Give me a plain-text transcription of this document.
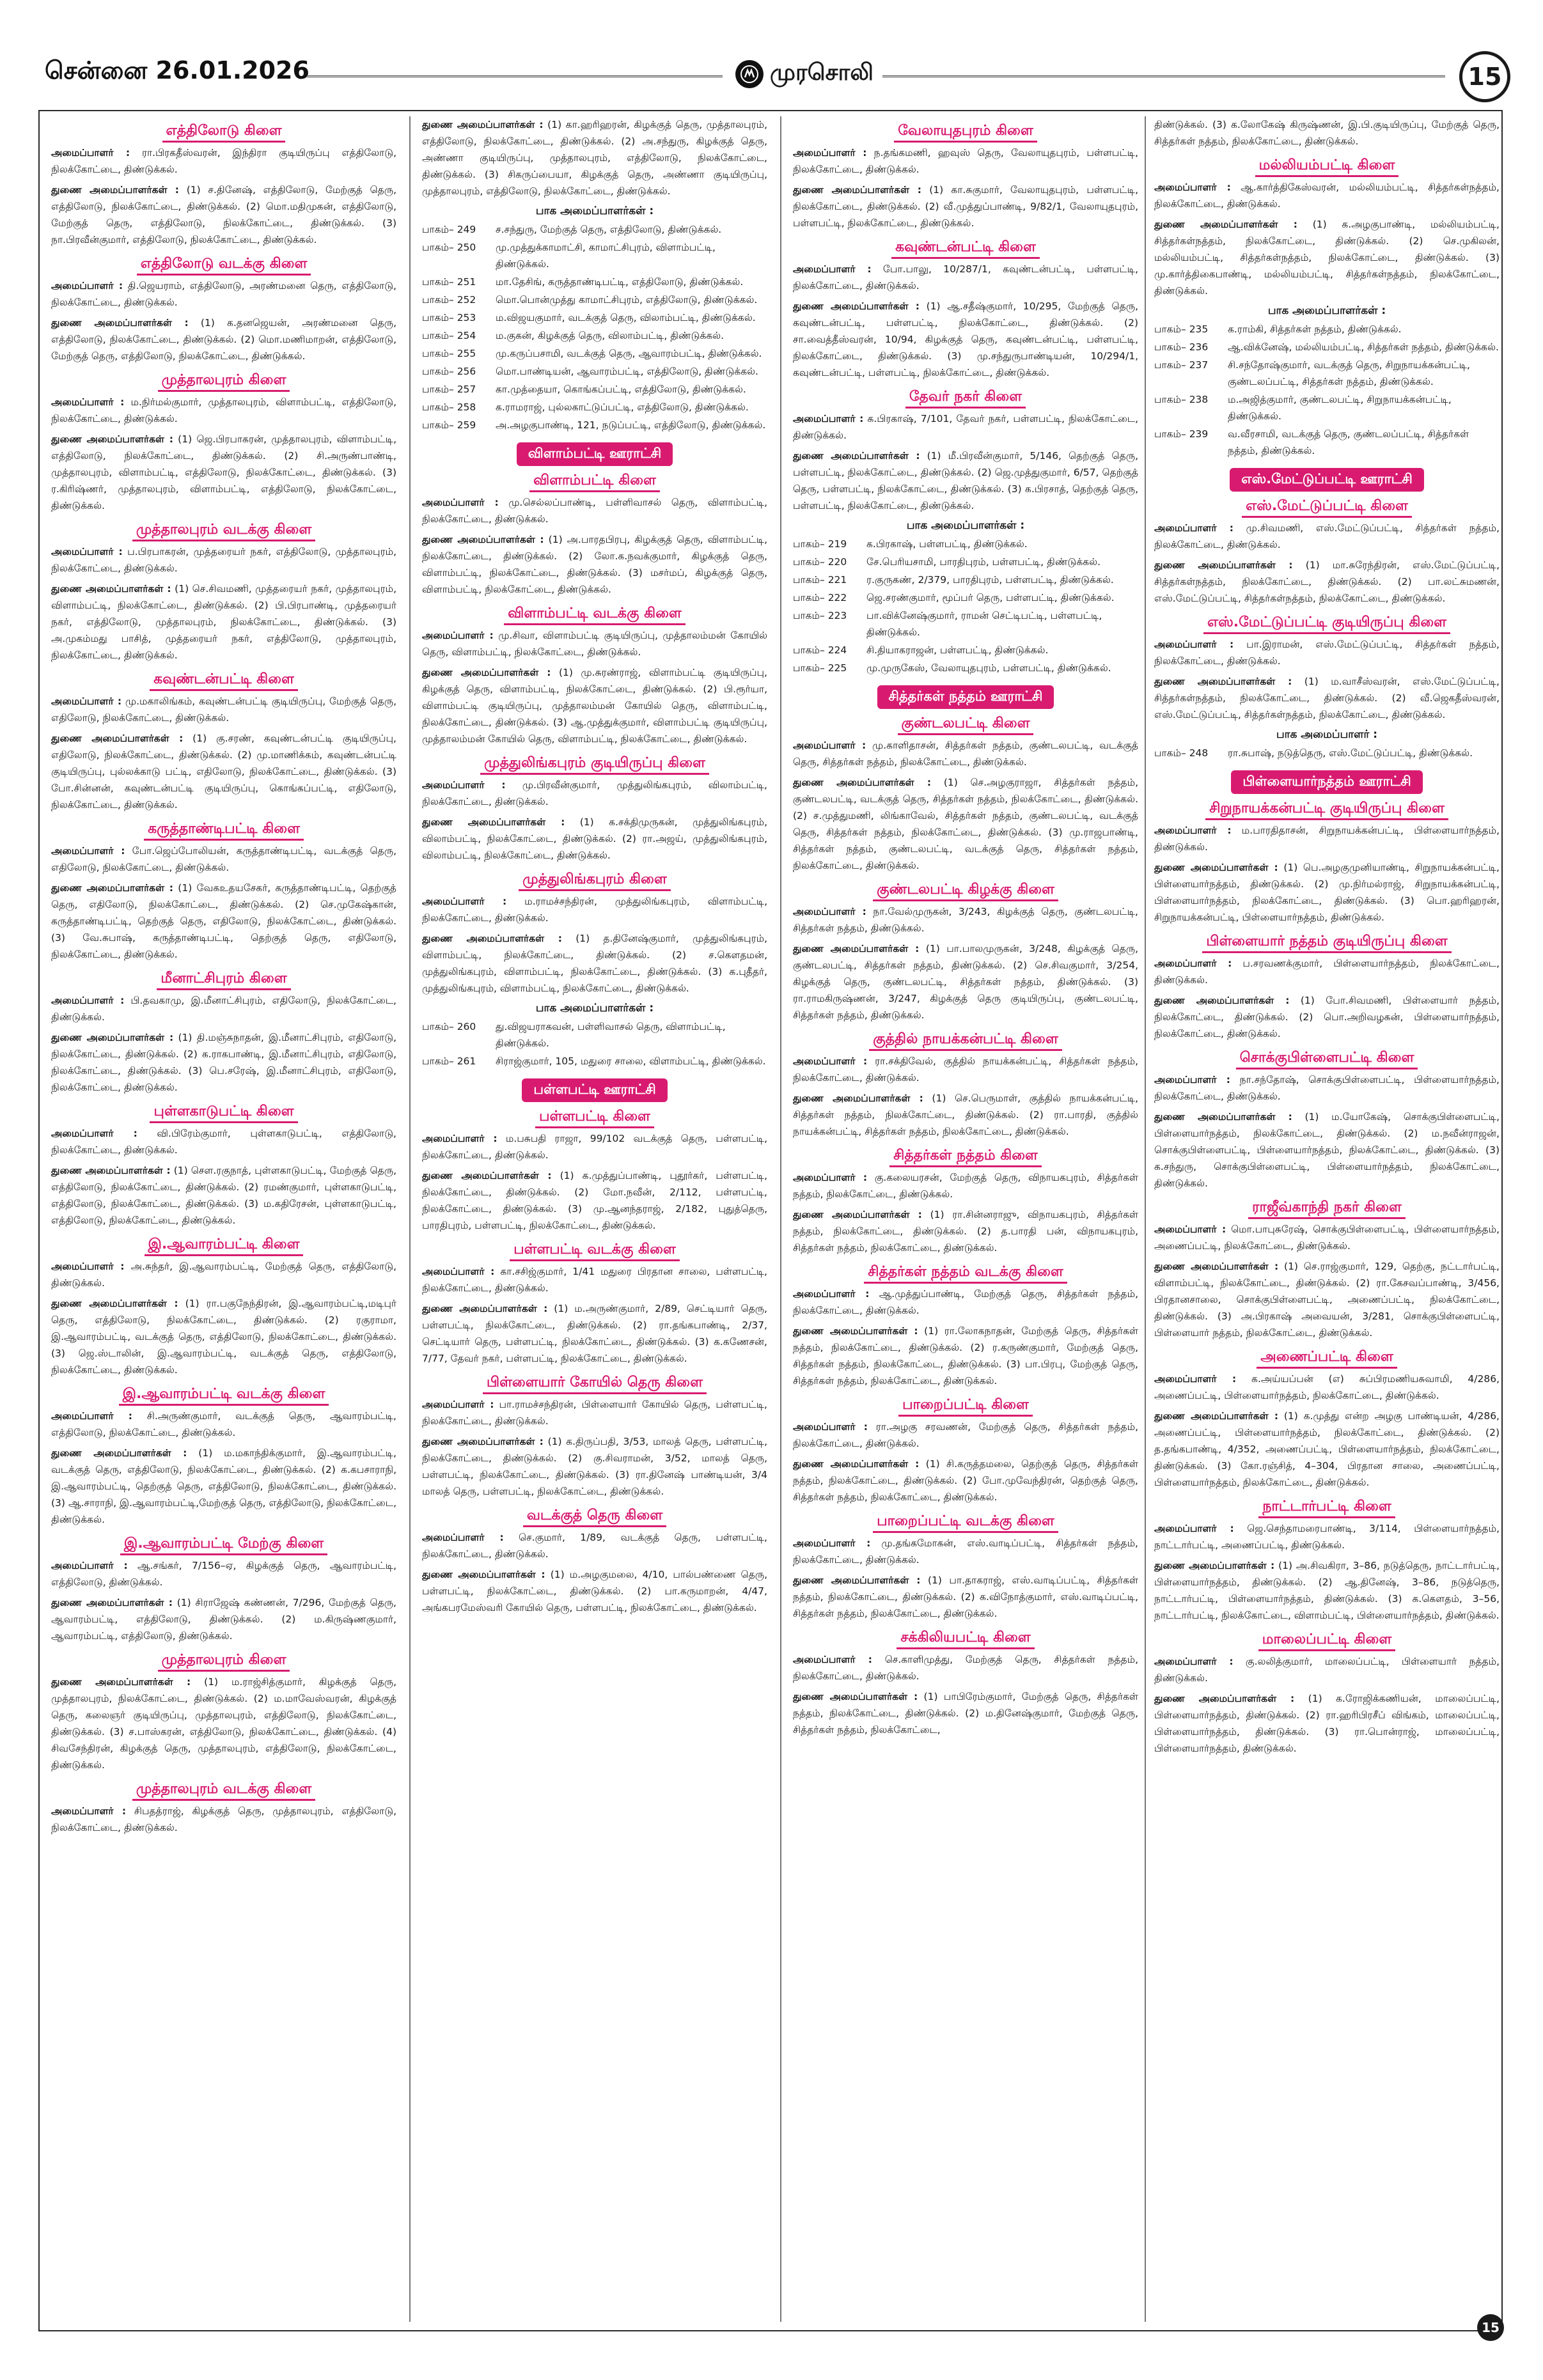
சென்னை 26.01.2026	முரசொலி	15
எத்திலோடு கிளை

அமைப்பாளர் : ரா.பிரகதீஸ்வரன், இந்திரா குடியிருப்பு எத்திலோடு, நிலக்கோட்டை, திண்டுக்கல்.

துணை அமைப்பாளர்கள் : (1) ச.தினேஷ், எத்திலோடு, மேற்குத் தெரு, எத்திலோடு, நிலக்கோட்டை, திண்டுக்கல். (2) மொ.மதிமுகன், எத்திலோடு, மேற்குத் தெரு, எத்திலோடு, நிலக்கோட்டை, திண்டுக்கல். (3) நா.பிரவீன்குமார், எத்திலோடு, நிலக்கோட்டை, திண்டுக்கல்.

எத்திலோடு வடக்கு கிளை

அமைப்பாளர் : தி.ஜெயராம், எத்திலோடு, அரண்மனை தெரு, எத்திலோடு, நிலக்கோட்டை, திண்டுக்கல்.

துணை அமைப்பாளர்கள் : (1) க.தனஜெயன், அரண்மனை தெரு, எத்திலோடு, நிலக்கோட்டை, திண்டுக்கல். (2) மொ.மணிமாறன், எத்திலோடு, மேற்குத் தெரு, எத்திலோடு, நிலக்கோட்டை, திண்டுக்கல்.

முத்தாலபுரம் கிளை

அமைப்பாளர் : ம.நிர்மல்குமார், முத்தாலபுரம், விளாம்பட்டி, எத்திலோடு, நிலக்கோட்டை, திண்டுக்கல்.

துணை அமைப்பாளர்கள் : (1) ஜெ.பிரபாகரன், முத்தாலபுரம், விளாம்பட்டி, எத்திலோடு, நிலக்கோட்டை, திண்டுக்கல். (2) சி.அருண்பாண்டி, முத்தாலபுரம், விளாம்பட்டி, எத்திலோடு, நிலக்கோட்டை, திண்டுக்கல். (3) ர.கிரிஷ்ணர், முத்தாலபுரம், விளாம்பட்டி, எத்திலோடு, நிலக்கோட்டை, திண்டுக்கல்.

முத்தாலபுரம் வடக்கு கிளை

அமைப்பாளர் : ப.பிரபாகரன், முத்தரையர் நகர், எத்திலோடு, முத்தாலபுரம், நிலக்கோட்டை, திண்டுக்கல்.

துணை அமைப்பாளர்கள் : (1) செ.சிவமணி, முத்தரையர் நகர், முத்தாலபுரம், விளாம்பட்டி, நிலக்கோட்டை, திண்டுக்கல். (2) பி.பிரபாண்டி, முத்தரையர் நகர், எத்திலோடு, முத்தாலபுரம், நிலக்கோட்டை, திண்டுக்கல். (3) அ.முகம்மது பாசித், முத்தரையர் நகர், எத்திலோடு, முத்தாலபுரம், நிலக்கோட்டை, திண்டுக்கல்.

கவுண்டன்பட்டி கிளை

அமைப்பாளர் : மு.மகாலிங்கம், கவுண்டன்பட்டி குடியிருப்பு, மேற்குத் தெரு, எதிலோடு, நிலக்கோட்டை, திண்டுக்கல்.

துணை அமைப்பாளர்கள் : (1) கு.சரண், கவுண்டன்பட்டி குடியிருப்பு, எதிலோடு, நிலக்கோட்டை, திண்டுக்கல். (2) மு.மாணிக்கம், கவுண்டன்பட்டி குடியிருப்பு, புல்லக்காடு பட்டி, எதிலோடு, நிலக்கோட்டை, திண்டுக்கல். (3) போ.சின்னன், கவுண்டன்பட்டி குடியிருப்பு, கொங்கப்பட்டி, எதிலோடு, நிலக்கோட்டை, திண்டுக்கல்.

கருத்தாண்டிபட்டி கிளை

அமைப்பாளர் : போ.ஜெப்போலியன், கருத்தாண்டிபட்டி, வடக்குத் தெரு, எதிலோடு, நிலக்கோட்டை, திண்டுக்கல்.

துணை அமைப்பாளர்கள் : (1) வேகஉதயசேகர், கருத்தாண்டிபட்டி, தெற்குத் தெரு, எதிலோடு, நிலக்கோட்டை, திண்டுக்கல். (2) செ.முகேஷ்கான், கருத்தாண்டிபட்டி, தெற்குத் தெரு, எதிலோடு, நிலக்கோட்டை, திண்டுக்கல். (3) வே.சுபாஷ், கருத்தாண்டிபட்டி, தெற்குத் தெரு, எதிலோடு, நிலக்கோட்டை, திண்டுக்கல்.

மீனாட்சிபுரம் கிளை

அமைப்பாளர் : பி.தவகாமு, இ.மீனாட்சிபுரம், எதிலோடு, நிலக்கோட்டை, திண்டுக்கல்.

துணை அமைப்பாளர்கள் : (1) தி.மஞ்சுநாதன், இ.மீனாட்சிபுரம், எதிலோடு, நிலக்கோட்டை, திண்டுக்கல். (2) க.ராகபாண்டி, இ.மீனாட்சிபுரம், எதிலோடு, நிலக்கோட்டை, திண்டுக்கல். (3) பெ.சரேஷ், இ.மீனாட்சிபுரம், எதிலோடு, நிலக்கோட்டை, திண்டுக்கல்.

புள்ளகாடுபட்டி கிளை

அமைப்பாளர் : வி.பிரேம்குமார், புள்ளகாடுபட்டி, எத்திலோடு, நிலக்கோட்டை, திண்டுக்கல்.

துணை அமைப்பாளர்கள் : (1) சௌ.ரகுநாத், புள்ளகாடுபட்டி, மேற்குத் தெரு, எத்திலோடு, நிலக்கோட்டை, திண்டுக்கல். (2) ரமண்குமார், புள்ளகாடுபட்டி, எத்திலோடு, நிலக்கோட்டை, திண்டுக்கல். (3) ம.கதிரேசன், புள்ளகாடுபட்டி, எத்திலோடு, நிலக்கோட்டை, திண்டுக்கல்.

இ.ஆவாரம்பட்டி கிளை

அமைப்பாளர் : அ.சுந்தர், இ.ஆவாரம்பட்டி, மேற்குத் தெரு, எத்திலோடு, திண்டுக்கல்.

துணை அமைப்பாளர்கள் : (1) ரா.பகுநேந்திரன், இ.ஆவாரம்பட்டி,மடிபுர் தெரு, எத்திலோடு, நிலக்கோட்டை, திண்டுக்கல். (2) ரகுராமா, இ.ஆவாரம்பட்டி, வடக்குத் தெரு, எத்திலோடு, நிலக்கோட்டை, திண்டுக்கல். (3) ஜெ.ஸ்டாலின், இ.ஆவாரம்பட்டி, வடக்குத் தெரு, எத்திலோடு, நிலக்கோட்டை, திண்டுக்கல்.

இ.ஆவாரம்பட்டி வடக்கு கிளை

அமைப்பாளர் : சி.அருண்குமார், வடக்குத் தெரு, ஆவாரம்பட்டி, எத்திலோடு, நிலக்கோட்டை, திண்டுக்கல்.

துணை அமைப்பாளர்கள் : (1) ம.மகாந்திக்குமார், இ.ஆவாரம்பட்டி, வடக்குத் தெரு, எத்திலோடு, நிலக்கோட்டை, திண்டுக்கல். (2) க.கபசாராநி, இ.ஆவாரம்பட்டி, தெற்குத் தெரு, எத்திலோடு, நிலக்கோட்டை, திண்டுக்கல். (3) ஆ.சாராநி, இ.ஆவாரம்பட்டி,மேற்குத் தெரு, எத்திலோடு, நிலக்கோட்டை, திண்டுக்கல்.

இ.ஆவாரம்பட்டி மேற்கு கிளை

அமைப்பாளர் : ஆ.சங்கர், 7/156–ஏ, கிழக்குத் தெரு, ஆவாரம்பட்டி, எத்திலோடு, திண்டுக்கல்.

துணை அமைப்பாளர்கள் : (1) சிராஜேஷ் கண்ணன், 7/296, மேற்குத் தெரு, ஆவாரம்பட்டி, எத்திலோடு, திண்டுக்கல். (2) ம.கிருஷ்ணகுமார், ஆவாரம்பட்டி, எத்திலோடு, திண்டுக்கல்.

முத்தாலபுரம் கிளை

துணை அமைப்பாளர்கள் : (1) ம.ராஜ்சித்குமார், கிழக்குத் தெரு, முத்தாலபுரம், நிலக்கோட்டை, திண்டுக்கல். (2) ம.மாவேஸ்வரன், கிழக்குத் தெரு, கலைஞர் குடியிருப்பு, முத்தாலபுரம், எத்திலோடு, நிலக்கோட்டை, திண்டுக்கல். (3) ச.பாஸ்கரன், எத்திலோடு, நிலக்கோட்டை, திண்டுக்கல். (4) சிவசேந்திரன், கிழக்குத் தெரு, முத்தாலபுரம், எத்திலோடு, நிலக்கோட்டை, திண்டுக்கல்.

முத்தாலபுரம் வடக்கு கிளை

அமைப்பாளர் : சிபதத்ராஜ், கிழக்குத் தெரு, முத்தாலபுரம், எத்திலோடு, நிலக்கோட்டை, திண்டுக்கல்.

துணை அமைப்பாளர்கள் : (1) கா.ஹரிஹரன், கிழக்குத் தெரு, முத்தாலபுரம், எத்திலோடு, நிலக்கோட்டை, திண்டுக்கல். (2) அ.சந்துரு, கிழக்குத் தெரு, அண்ணா குடியிருப்பு, முத்தாலபுரம், எத்திலோடு, நிலக்கோட்டை, திண்டுக்கல். (3) சிகருப்பையா, கிழக்குத் தெரு, அண்ணா குடியிருப்பு, முத்தாலபுரம், எத்திலோடு, நிலக்கோட்டை, திண்டுக்கல்.

பாக அமைப்பாளர்கள் :
பாகம்– 249	ச.சந்துரு, மேற்குத் தெரு, எத்திலோடு, திண்டுக்கல்.
பாகம்– 250	மு.முத்துக்காமாட்சி, காமாட்சிபுரம், விளாம்பட்டி, திண்டுக்கல்.
பாகம்– 251	மா.தேசிங், கருத்தாண்டிபட்டி, எத்திலோடு, திண்டுக்கல்.
பாகம்– 252	மொ.பொன்முத்து காமாட்சிபுரம், எத்திலோடு, திண்டுக்கல்.
பாகம்– 253	ம.விஜயகுமார், வடக்குத் தெரு, விலாம்பட்டி, திண்டுக்கல்.
பாகம்– 254	ம.குகன், கிழக்குத் தெரு, விலாம்பட்டி, திண்டுக்கல்.
பாகம்– 255	மு.கருப்பசாமி, வடக்குத் தெரு, ஆவாரம்பட்டி, திண்டுக்கல்.
பாகம்– 256	மொ.பாண்டியன், ஆவாரம்பட்டி, எத்திலோடு, திண்டுக்கல்.
பாகம்– 257	கா.முத்தையா, கொங்கப்பட்டி, எத்திலோடு, திண்டுக்கல்.
பாகம்– 258	க.ராமராஜ், புல்லகாட்டுப்பட்டி, எத்திலோடு, திண்டுக்கல்.
பாகம்– 259	அ.அழகுபாண்டி, 121, நடுப்பட்டி, எத்திலோடு, திண்டுக்கல்.
விளாம்பட்டி ஊராட்சி
விளாம்பட்டி கிளை

அமைப்பாளர் : மு.செல்லப்பாண்டி, பள்ளிவாசல் தெரு, விளாம்பட்டி, நிலக்கோட்டை, திண்டுக்கல்.

துணை அமைப்பாளர்கள் : (1) அ.பாரதபிரபு, கிழக்குத் தெரு, விளாம்பட்டி, நிலக்கோட்டை, திண்டுக்கல். (2) லோ.க.நவக்குமார், கிழக்குத் தெரு, விளாம்பட்டி, நிலக்கோட்டை, திண்டுக்கல். (3) மசர்மப், கிழக்குத் தெரு, விளாம்பட்டி, நிலக்கோட்டை, திண்டுக்கல்.

விளாம்பட்டி வடக்கு கிளை

அமைப்பாளர் : மு.சிவா, விளாம்பட்டி குடியிருப்பு, முத்தாலம்மன் கோயில் தெரு, விளாம்பட்டி, நிலக்கோட்டை, திண்டுக்கல்.

துணை அமைப்பாளர்கள் : (1) மு.சுரண்ராஜ், விளாம்பட்டி குடியிருப்பு, கிழக்குத் தெரு, விளாம்பட்டி, நிலக்கோட்டை, திண்டுக்கல். (2) பி.ரூர்யா, விளாம்பட்டி குடியிருப்பு, முத்தாலம்மன் கோயில் தெரு, விளாம்பட்டி, நிலக்கோட்டை, திண்டுக்கல். (3) ஆ.முத்துக்குமார், விளாம்பட்டி குடியிருப்பு, முத்தாலம்மன் கோயில் தெரு, விளாம்பட்டி, நிலக்கோட்டை, திண்டுக்கல்.

முத்துலிங்கபுரம் குடியிருப்பு கிளை

அமைப்பாளர் : மு.பிரவீன்குமார், முத்துலிங்கபுரம், விலாம்பட்டி, நிலக்கோட்டை, திண்டுக்கல்.

துணை அமைப்பாளர்கள் : (1) க.சக்திமுருகன், முத்துலிங்கபுரம், விலாம்பட்டி, நிலக்கோட்டை, திண்டுக்கல். (2) ரா.அஜய், முத்துலிங்கபுரம், விலாம்பட்டி, நிலக்கோட்டை, திண்டுக்கல்.

முத்துலிங்கபுரம் கிளை

அமைப்பாளர் : ம.ராமச்சந்திரன், முத்துலிங்கபுரம், விளாம்பட்டி, நிலக்கோட்டை, திண்டுக்கல்.

துணை அமைப்பாளர்கள் : (1) த.தினேஷ்குமார், முத்துலிங்கபுரம், விளாம்பட்டி, நிலக்கோட்டை, திண்டுக்கல். (2) ச.கௌதமன், முத்துலிங்கபுரம், விளாம்பட்டி, நிலக்கோட்டை, திண்டுக்கல். (3) க.புதீதர், முத்துலிங்கபுரம், விளாம்பட்டி, நிலக்கோட்டை, திண்டுக்கல்.

பாக அமைப்பாளர்கள் :
பாகம்– 260	து.விஜயராகவன், பள்ளிவாசல் தெரு, விளாம்பட்டி, திண்டுக்கல்.
பாகம்– 261	சிராஜ்குமார், 105, மதுரை சாலை, விளாம்பட்டி, திண்டுக்கல்.
பள்ளபட்டி ஊராட்சி
பள்ளபட்டி கிளை

அமைப்பாளர் : ம.பசுபதி ராஜா, 99/102 வடக்குத் தெரு, பள்ளபட்டி, நிலக்கோட்டை, திண்டுக்கல்.

துணை அமைப்பாளர்கள் : (1) க.முத்துப்பாண்டி, புதூர்கர், பள்ளபட்டி, நிலக்கோட்டை, திண்டுக்கல். (2) மோ.நவீன், 2/112, பள்ளபட்டி, நிலக்கோட்டை, திண்டுக்கல். (3) மு.ஆனந்தராஜ், 2/182, புதுத்தெரு, பாரதிபுரம், பள்ளபட்டி, நிலக்கோட்டை, திண்டுக்கல்.

பள்ளபட்டி வடக்கு கிளை

அமைப்பாளர் : கா.சசிஜ்குமார், 1/41 மதுரை பிரதான சாலை, பள்ளபட்டி, நிலக்கோட்டை, திண்டுக்கல்.

துணை அமைப்பாளர்கள் : (1) ம.அருண்குமார், 2/89, செட்டியார் தெரு, பள்ளபட்டி, நிலக்கோட்டை, திண்டுக்கல். (2) ரா.தங்கபாண்டி, 2/37, செட்டியார் தெரு, பள்ளபட்டி, நிலக்கோட்டை, திண்டுக்கல். (3) க.கணேசன், 7/77, தேவர் நகர், பள்ளபட்டி, நிலக்கோட்டை, திண்டுக்கல்.

பிள்ளையார் கோயில் தெரு கிளை

அமைப்பாளர் : பா.ராமச்சந்திரன், பிள்ளையார் கோயில் தெரு, பள்ளபட்டி, நிலக்கோட்டை, திண்டுக்கல்.

துணை அமைப்பாளர்கள் : (1) க.திருப்பதி, 3/53, மாலத் தெரு, பள்ளபட்டி, நிலக்கோட்டை, திண்டுக்கல். (2) கு.சிவராமன், 3/52, மாலத் தெரு, பள்ளபட்டி, நிலக்கோட்டை, திண்டுக்கல். (3) ரா.தினேஷ் பாண்டியன், 3/4 மாலத் தெரு, பள்ளபட்டி, நிலக்கோட்டை, திண்டுக்கல்.

வடக்குத் தெரு கிளை

அமைப்பாளர் : செ.குமார், 1/89, வடக்குத் தெரு, பள்ளபட்டி, நிலக்கோட்டை, திண்டுக்கல்.

துணை அமைப்பாளர்கள் : (1) ம.அழகுமலை, 4/10, பால்பண்ணை தெரு, பள்ளபட்டி, நிலக்கோட்டை, திண்டுக்கல். (2) பா.கருமாறன், 4/47, அங்கபரமேஸ்வரி கோயில் தெரு, பள்ளபட்டி, நிலக்கோட்டை, திண்டுக்கல்.

வேலாயுதபுரம் கிளை

அமைப்பாளர் : ந.தங்கமணி, ஹவுஸ் தெரு, வேலாயுதபுரம், பள்ளபட்டி, நிலக்கோட்டை, திண்டுக்கல்.

துணை அமைப்பாளர்கள் : (1) கா.சுகுமார், வேலாயுதபுரம், பள்ளபட்டி, நிலக்கோட்டை, திண்டுக்கல். (2) வீ.முத்துப்பாண்டி, 9/82/1, வேலாயுதபுரம், பள்ளபட்டி, நிலக்கோட்டை, திண்டுக்கல்.

கவுண்டன்பட்டி கிளை

அமைப்பாளர் : போ.பாலு, 10/287/1, கவுண்டன்பட்டி, பள்ளபட்டி, நிலக்கோட்டை, திண்டுக்கல்.

துணை அமைப்பாளர்கள் : (1) ஆ.சதீஷ்குமார், 10/295, மேற்குத் தெரு, கவுண்டன்பட்டி, பள்ளபட்டி, நிலக்கோட்டை, திண்டுக்கல். (2) சா.வைத்தீஸ்வரன், 10/94, கிழக்குத் தெரு, கவுண்டன்பட்டி, பள்ளபட்டி, நிலக்கோட்டை, திண்டுக்கல். (3) மு.சந்துருபாண்டியன், 10/294/1, கவுண்டன்பட்டி, பள்ளபட்டி, நிலக்கோட்டை, திண்டுக்கல்.

தேவர் நகர் கிளை

அமைப்பாளர் : க.பிரகாஷ், 7/101, தேவர் நகர், பள்ளபட்டி, நிலக்கோட்டை, திண்டுக்கல்.

துணை அமைப்பாளர்கள் : (1) மீ.பிரவீன்குமார், 5/146, தெற்குத் தெரு, பள்ளபட்டி, நிலக்கோட்டை, திண்டுக்கல். (2) ஜெ.முத்துகுமார், 6/57, தெற்குத் தெரு, பள்ளபட்டி, நிலக்கோட்டை, திண்டுக்கல். (3) க.பிரசாத், தெற்குத் தெரு, பள்ளபட்டி, நிலக்கோட்டை, திண்டுக்கல்.

பாக அமைப்பாளர்கள் :
பாகம்– 219	க.பிரகாஷ், பள்ளபட்டி, திண்டுக்கல்.
பாகம்– 220	சே.பெரியசாமி, பாரதிபுரம், பள்ளபட்டி, திண்டுக்கல்.
பாகம்– 221	ர.குருகண், 2/379, பாரதிபுரம், பள்ளபட்டி, திண்டுக்கல்.
பாகம்– 222	ஜெ.சரண்குமார், மூப்பர் தெரு, பள்ளபட்டி, திண்டுக்கல்.
பாகம்– 223	பா.விக்னேஷ்குமார், ராமன் செட்டிபட்டி, பள்ளபட்டி, திண்டுக்கல்.
பாகம்– 224	சி.தியாகராஜன், பள்ளபட்டி, திண்டுக்கல்.
பாகம்– 225	மு.முருகேஸ், வேலாயுதபுரம், பள்ளபட்டி, திண்டுக்கல்.
சித்தர்கள் நத்தம் ஊராட்சி
குண்டலபட்டி கிளை

அமைப்பாளர் : மு.காளிதாசன், சித்தர்கள் நத்தம், குண்டலபட்டி, வடக்குத் தெரு, சித்தர்கள் நத்தம், நிலக்கோட்டை, திண்டுக்கல்.

துணை அமைப்பாளர்கள் : (1) செ.அழகுராஜா, சித்தர்கள் நத்தம், குண்டலபட்டி, வடக்குத் தெரு, சித்தர்கள் நத்தம், நிலக்கோட்டை, திண்டுக்கல். (2) ச.முத்துமணி, லிங்காவேல், சித்தர்கள் நத்தம், குண்டலபட்டி, வடக்குத் தெரு, சித்தர்கள் நத்தம், நிலக்கோட்டை, திண்டுக்கல். (3) மு.ராஜபாண்டி, சித்தர்கள் நத்தம், குண்டலபட்டி, வடக்குத் தெரு, சித்தர்கள் நத்தம், நிலக்கோட்டை, திண்டுக்கல்.

குண்டலபட்டி கிழக்கு கிளை

அமைப்பாளர் : நா.வேல்முருகன், 3/243, கிழக்குத் தெரு, குண்டலபட்டி, சித்தர்கள் நத்தம், திண்டுக்கல்.

துணை அமைப்பாளர்கள் : (1) பா.பாலமுருகன், 3/248, கிழக்குத் தெரு, குண்டலபட்டி, சித்தர்கள் நத்தம், திண்டுக்கல். (2) செ.சிவகுமார், 3/254, கிழக்குத் தெரு, குண்டலபட்டி, சித்தர்கள் நத்தம், திண்டுக்கல். (3) ரா.ராமகிருஷ்ணன், 3/247, கிழக்குத் தெரு குடியிருப்பு, குண்டலபட்டி, சித்தர்கள் நத்தம், திண்டுக்கல்.

குத்தில் நாயக்கன்பட்டி கிளை

அமைப்பாளர் : ரா.சக்திவேல், குத்தில் நாயக்கன்பட்டி, சித்தர்கள் நத்தம், நிலக்கோட்டை, திண்டுக்கல்.

துணை அமைப்பாளர்கள் : (1) செ.பெருமாள், குத்தில் நாயக்கன்பட்டி, சித்தர்கள் நத்தம், நிலக்கோட்டை, திண்டுக்கல். (2) ரா.பாரதி, குத்தில் நாயக்கன்பட்டி, சித்தர்கள் நத்தம், நிலக்கோட்டை, திண்டுக்கல்.

சித்தர்கள் நத்தம் கிளை

அமைப்பாளர் : கு.கலையரசன், மேற்குத் தெரு, விநாயகபுரம், சித்தர்கள் நத்தம், நிலக்கோட்டை, திண்டுக்கல்.

துணை அமைப்பாளர்கள் : (1) ரா.சின்னராஜு, விநாயகபுரம், சித்தர்கள் நத்தம், நிலக்கோட்டை, திண்டுக்கல். (2) த.பாரதி பன், விநாயகபுரம், சித்தர்கள் நத்தம், நிலக்கோட்டை, திண்டுக்கல்.

சித்தர்கள் நத்தம் வடக்கு கிளை

அமைப்பாளர் : ஆ.முத்துப்பாண்டி, மேற்குத் தெரு, சித்தர்கள் நத்தம், நிலக்கோட்டை, திண்டுக்கல்.

துணை அமைப்பாளர்கள் : (1) ரா.லோகநாதன், மேற்குத் தெரு, சித்தர்கள் நத்தம், நிலக்கோட்டை, திண்டுக்கல். (2) ர.கருண்குமார், மேற்குத் தெரு, சித்தர்கள் நத்தம், நிலக்கோட்டை, திண்டுக்கல். (3) பா.பிரபு, மேற்குத் தெரு, சித்தர்கள் நத்தம், நிலக்கோட்டை, திண்டுக்கல்.

பாறைப்பட்டி கிளை

அமைப்பாளர் : ரா.அழகு சரவணன், மேற்குத் தெரு, சித்தர்கள் நத்தம், நிலக்கோட்டை, திண்டுக்கல்.

துணை அமைப்பாளர்கள் : (1) சி.கருத்தமலை, தெற்குத் தெரு, சித்தர்கள் நத்தம், நிலக்கோட்டை, திண்டுக்கல். (2) போ.முவேந்திரன், தெற்குத் தெரு, சித்தர்கள் நத்தம், நிலக்கோட்டை, திண்டுக்கல்.

பாறைப்பட்டி வடக்கு கிளை

அமைப்பாளர் : மு.தங்கமோகன், எஸ்.வாடிப்பட்டி, சித்தர்கள் நத்தம், நிலக்கோட்டை, திண்டுக்கல்.

துணை அமைப்பாளர்கள் : (1) பா.தாகராஜ், எஸ்.வாடிப்பட்டி, சித்தர்கள் நத்தம், நிலக்கோட்டை, திண்டுக்கல். (2) க.விநோத்குமார், எஸ்.வாடிப்பட்டி, சித்தர்கள் நத்தம், நிலக்கோட்டை, திண்டுக்கல்.

சக்கிலியபட்டி கிளை

அமைப்பாளர் : செ.காளிமுத்து, மேற்குத் தெரு, சித்தர்கள் நத்தம், நிலக்கோட்டை, திண்டுக்கல்.

துணை அமைப்பாளர்கள் : (1) பாபிரேம்குமார், மேற்குத் தெரு, சித்தர்கள் நத்தம், நிலக்கோட்டை, திண்டுக்கல். (2) ம.தினேஷ்குமார், மேற்குத் தெரு, சித்தர்கள் நத்தம், நிலக்கோட்டை,

திண்டுக்கல். (3) க.லோகேஷ் கிருஷ்ணன், இ.பி.குடியிருப்பு, மேற்குத் தெரு, சித்தர்கள் நத்தம், நிலக்கோட்டை, திண்டுக்கல்.

மல்லியம்பட்டி கிளை

அமைப்பாளர் : ஆ.கார்த்திகேஸ்வரன், மல்லியம்பட்டி, சித்தர்கள்நத்தம், நிலக்கோட்டை, திண்டுக்கல்.

துணை அமைப்பாளர்கள் : (1) க.அழகுபாண்டி, மல்லியம்பட்டி, சித்தர்கள்நத்தம், நிலக்கோட்டை, திண்டுக்கல். (2) செ.முகிலன், மல்லியம்பட்டி, சித்தர்கள்நத்தம், நிலக்கோட்டை, திண்டுக்கல். (3) மு.கார்த்திகைபாண்டி, மல்லியம்பட்டி, சித்தர்கள்நத்தம், நிலக்கோட்டை, திண்டுக்கல்.

பாக அமைப்பாளர்கள் :
பாகம்– 235	க.ராம்கி, சித்தர்கள் நத்தம், திண்டுக்கல்.
பாகம்– 236	ஆ.விக்னேஷ், மல்லியம்பட்டி, சித்தர்கள் நத்தம், திண்டுக்கல்.
பாகம்– 237	சி.சந்தோஷ்குமார், வடக்குத் தெரு, சிறுநாயக்கன்பட்டி, குண்டலப்பட்டி, சித்தர்கள் நத்தம், திண்டுக்கல்.
பாகம்– 238	ம.அஜித்குமார், குண்டலபட்டி, சிறுநாயக்கன்பட்டி, திண்டுக்கல்.
பாகம்– 239	வ.வீரசாமி, வடக்குத் தெரு, குண்டலப்பட்டி, சித்தர்கள் நத்தம், திண்டுக்கல்.
எஸ்.மேட்டுப்பட்டி ஊராட்சி
எஸ்.மேட்டுப்பட்டி கிளை

அமைப்பாளர் : மு.சிவமணி, எஸ்.மேட்டுப்பட்டி, சித்தர்கள் நத்தம், நிலக்கோட்டை, திண்டுக்கல்.

துணை அமைப்பாளர்கள் : (1) மா.சுரேந்திரன், எஸ்.மேட்டுப்பட்டி, சித்தர்கள்நத்தம், நிலக்கோட்டை, திண்டுக்கல். (2) பா.லட்சுமணன், எஸ்.மேட்டுப்பட்டி, சித்தர்கள்நத்தம், நிலக்கோட்டை, திண்டுக்கல்.

எஸ்.மேட்டுப்பட்டி குடியிருப்பு கிளை

அமைப்பாளர் : பா.இராமன், எஸ்.மேட்டுப்பட்டி, சித்தர்கள் நத்தம், நிலக்கோட்டை, திண்டுக்கல்.

துணை அமைப்பாளர்கள் : (1) ம.வாசீஸ்வரன், எஸ்.மேட்டுப்பட்டி, சித்தர்கள்நத்தம், நிலக்கோட்டை, திண்டுக்கல். (2) வீ.ஜெகதீஸ்வரன், எஸ்.மேட்டுப்பட்டி, சித்தர்கள்நத்தம், நிலக்கோட்டை, திண்டுக்கல்.

பாக அமைப்பாளர் :
பாகம்– 248	ரா.சுபாஷ், நடுத்தெரு, எஸ்.மேட்டுப்பட்டி, திண்டுக்கல்.
பிள்ளையார்நத்தம் ஊராட்சி
சிறுநாயக்கன்பட்டி குடியிருப்பு கிளை

அமைப்பாளர் : ம.பாரதிதாசன், சிறுநாயக்கன்பட்டி, பிள்ளையார்நத்தம், திண்டுக்கல்.

துணை அமைப்பாளர்கள் : (1) பெ.அழகுமுனியாண்டி, சிறுநாயக்கன்பட்டி, பிள்ளையார்நத்தம், திண்டுக்கல். (2) மு.நிர்மல்ராஜ், சிறுநாயக்கன்பட்டி, பிள்ளையார்நத்தம், நிலக்கோட்டை, திண்டுக்கல். (3) பொ.ஹரிஹரன், சிறுநாயக்கன்பட்டி, பிள்ளையார்நத்தம், திண்டுக்கல்.

பிள்ளையார் நத்தம் குடியிருப்பு கிளை

அமைப்பாளர் : ப.சரவணக்குமார், பிள்ளையார்நத்தம், நிலக்கோட்டை, திண்டுக்கல்.

துணை அமைப்பாளர்கள் : (1) போ.சிவமணி, பிள்ளையார் நத்தம், நிலக்கோட்டை, திண்டுக்கல். (2) பொ.அறிவழகன், பிள்ளையார்நத்தம், நிலக்கோட்டை, திண்டுக்கல்.

சொக்குபிள்ளைபட்டி கிளை

அமைப்பாளர் : நா.சந்தோஷ், சொக்குபிள்ளைபட்டி, பிள்ளையார்நத்தம், நிலக்கோட்டை, திண்டுக்கல்.

துணை அமைப்பாளர்கள் : (1) ம.யோகேஷ், சொக்குபிள்ளைபட்டி, பிள்ளையார்நத்தம், நிலக்கோட்டை, திண்டுக்கல். (2) ம.நவீன்ராஜன், சொக்குபிள்ளைபட்டி, பிள்ளையார்நத்தம், நிலக்கோட்டை, திண்டுக்கல். (3) க.சந்துரு, சொக்குபிள்ளைபட்டி, பிள்ளையார்நத்தம், நிலக்கோட்டை, திண்டுக்கல்.

ராஜீவ்காந்தி நகர் கிளை

அமைப்பாளர் : மொ.பாபுசுரேஷ், சொக்குபிள்ளைபட்டி, பிள்ளையார்நத்தம், அணைப்பட்டி, நிலக்கோட்டை, திண்டுக்கல்.

துணை அமைப்பாளர்கள் : (1) செ.ராஜ்குமார், 129, தெற்கு, நட்டார்பட்டி, விளாம்பட்டி, நிலக்கோட்டை, திண்டுக்கல். (2) ரா.கேசவப்பாண்டி, 3/456, பிரதானசாலை, சொக்குபிள்ளைபட்டி, அணைப்பட்டி, நிலக்கோட்டை, திண்டுக்கல். (3) அ.பிரகாஷ் அவையன், 3/281, சொக்குபிள்ளைபட்டி, பிள்ளையார் நத்தம், நிலக்கோட்டை, திண்டுக்கல்.

அணைப்பட்டி கிளை

அமைப்பாளர் : க.அய்யப்பன் (எ) சுப்பிரமணியசுவாமி, 4/286, அணைப்பட்டி, பிள்ளையார்நத்தம், நிலக்கோட்டை, திண்டுக்கல்.

துணை அமைப்பாளர்கள் : (1) க.முத்து என்ற அழகு பாண்டியன், 4/286, அணைப்பட்டி, பிள்ளையார்நத்தம், நிலக்கோட்டை, திண்டுக்கல். (2) த.தங்கபாண்டி, 4/352, அணைப்பட்டி, பிள்ளையார்நத்தம், நிலக்கோட்டை, திண்டுக்கல். (3) கோ.ரஞ்சித், 4–304, பிரதான சாலை, அணைப்பட்டி, பிள்ளையார்நத்தம், நிலக்கோட்டை, திண்டுக்கல்.

நாட்டார்பட்டி கிளை

அமைப்பாளர் : ஜெ.செந்தாமரைபாண்டி, 3/114, பிள்ளையார்நத்தம், நாட்டார்பட்டி, அணைப்பட்டி, திண்டுக்கல்.

துணை அமைப்பாளர்கள் : (1) அ.சிவகிரா, 3–86, நடுத்தெரு, நாட்டார்பட்டி, பிள்ளையார்நத்தம், திண்டுக்கல். (2) ஆ.தினேஷ், 3–86, நடுத்தெரு, நாட்டார்பட்டி, பிள்ளையார்நத்தம், திண்டுக்கல். (3) க.கௌதம், 3–56, நாட்டார்பட்டி, நிலக்கோட்டை, விளாம்பட்டி, பிள்ளையார்நத்தம், திண்டுக்கல்.

மாலைப்பட்டி கிளை

அமைப்பாளர் : கு.லலித்குமார், மாலைப்பட்டி, பிள்ளையார் நத்தம், திண்டுக்கல்.

துணை அமைப்பாளர்கள் : (1) க.ரோஜிக்கணியன், மாலைப்பட்டி, பிள்ளையார்நத்தம், திண்டுக்கல். (2) ரா.ஹரிபிரசீப் விங்கம், மாலைப்பட்டி, பிள்ளையார்நத்தம், திண்டுக்கல். (3) ரா.பொன்ராஜ், மாலைப்பட்டி, பிள்ளையார்நத்தம், திண்டுக்கல்.

15
